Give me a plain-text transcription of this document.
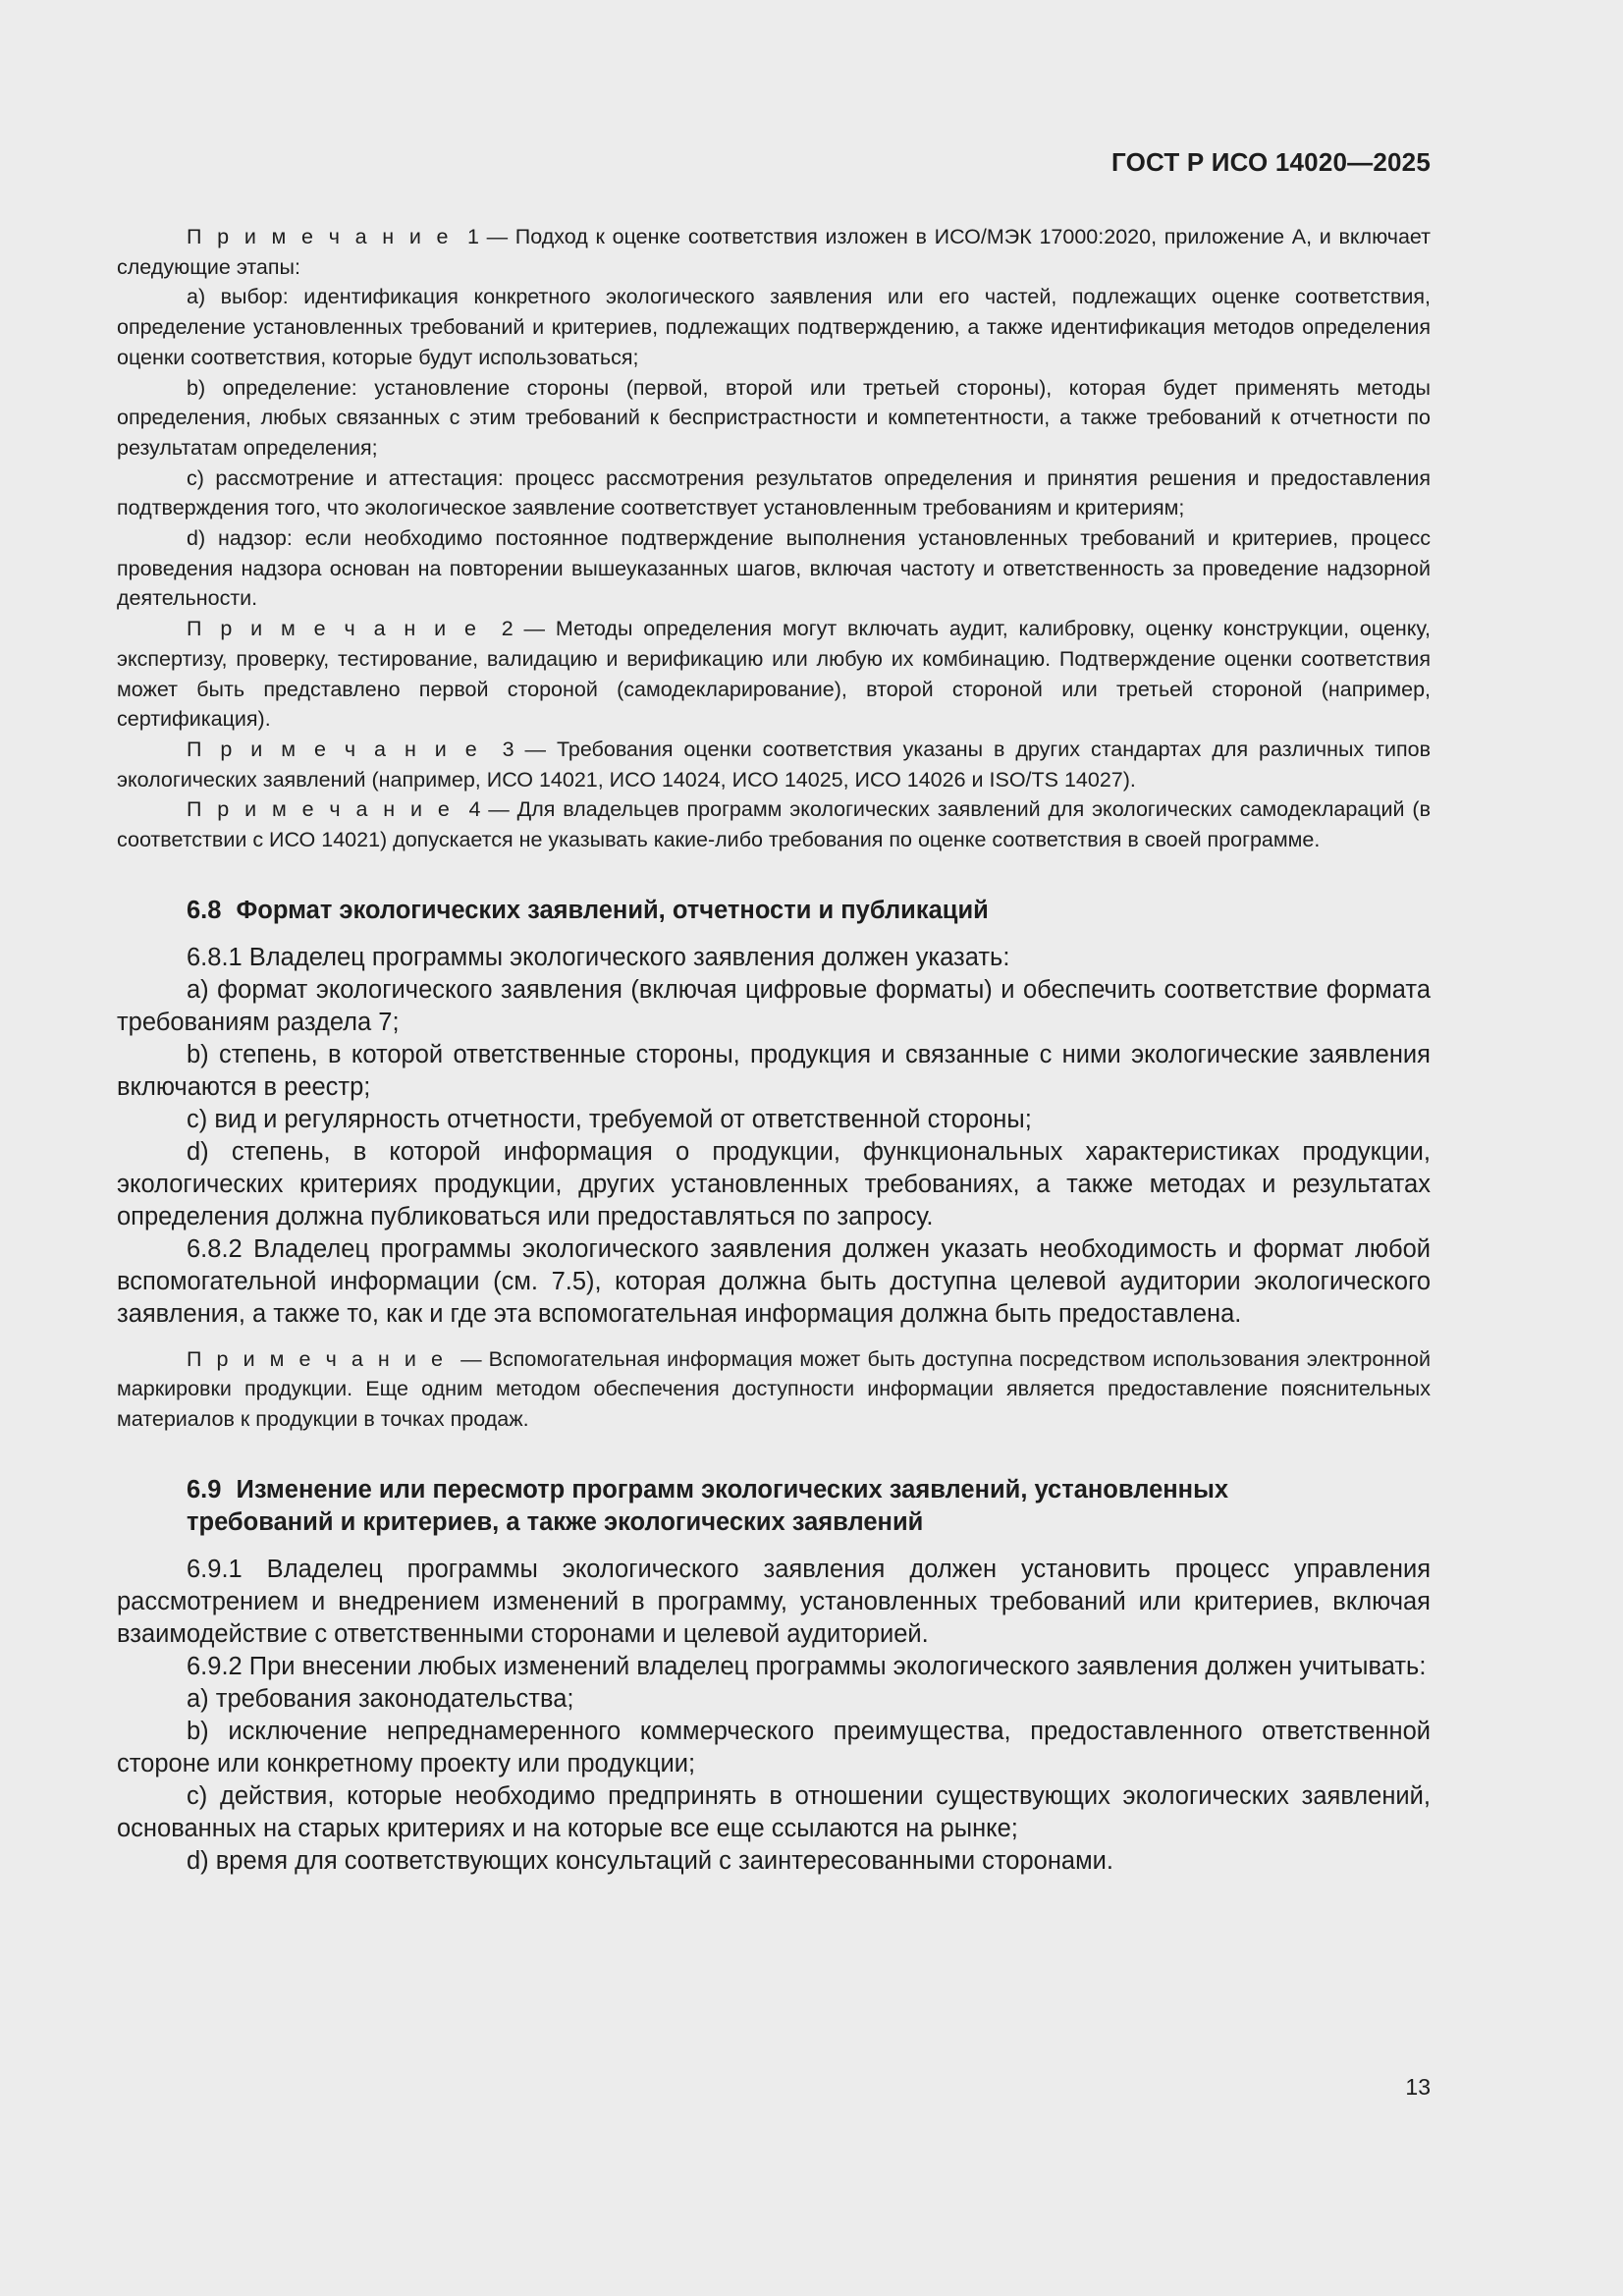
ГОСТ Р ИСО 14020—2025

П р и м е ч а н и е 1 — Подход к оценке соответствия изложен в ИСО/МЭК 17000:2020, приложение А, и включает следующие этапы:

a) выбор: идентификация конкретного экологического заявления или его частей, подлежащих оценке соответствия, определение установленных требований и критериев, подлежащих подтверждению, а также идентификация методов определения оценки соответствия, которые будут использоваться;

b) определение: установление стороны (первой, второй или третьей стороны), которая будет применять методы определения, любых связанных с этим требований к беспристрастности и компетентности, а также требований к отчетности по результатам определения;

c) рассмотрение и аттестация: процесс рассмотрения результатов определения и принятия решения и предоставления подтверждения того, что экологическое заявление соответствует установленным требованиям и критериям;

d) надзор: если необходимо постоянное подтверждение выполнения установленных требований и критериев, процесс проведения надзора основан на повторении вышеуказанных шагов, включая частоту и ответственность за проведение надзорной деятельности.

П р и м е ч а н и е 2 — Методы определения могут включать аудит, калибровку, оценку конструкции, оценку, экспертизу, проверку, тестирование, валидацию и верификацию или любую их комбинацию. Подтверждение оценки соответствия может быть представлено первой стороной (самодекларирование), второй стороной или третьей стороной (например, сертификация).

П р и м е ч а н и е 3 — Требования оценки соответствия указаны в других стандартах для различных типов экологических заявлений (например, ИСО 14021, ИСО 14024, ИСО 14025, ИСО 14026 и ISO/TS 14027).

П р и м е ч а н и е 4 — Для владельцев программ экологических заявлений для экологических самодеклараций (в соответствии с ИСО 14021) допускается не указывать какие-либо требования по оценке соответствия в своей программе.

6.8 Формат экологических заявлений, отчетности и публикаций

6.8.1 Владелец программы экологического заявления должен указать:

a) формат экологического заявления (включая цифровые форматы) и обеспечить соответствие формата требованиям раздела 7;

b) степень, в которой ответственные стороны, продукция и связанные с ними экологические заявления включаются в реестр;

c) вид и регулярность отчетности, требуемой от ответственной стороны;

d) степень, в которой информация о продукции, функциональных характеристиках продукции, экологических критериях продукции, других установленных требованиях, а также методах и результатах определения должна публиковаться или предоставляться по запросу.

6.8.2 Владелец программы экологического заявления должен указать необходимость и формат любой вспомогательной информации (см. 7.5), которая должна быть доступна целевой аудитории экологического заявления, а также то, как и где эта вспомогательная информация должна быть предоставлена.

П р и м е ч а н и е — Вспомогательная информация может быть доступна посредством использования электронной маркировки продукции. Еще одним методом обеспечения доступности информации является предоставление пояснительных материалов к продукции в точках продаж.

6.9 Изменение или пересмотр программ экологических заявлений, установленных
требований и критериев, а также экологических заявлений

6.9.1 Владелец программы экологического заявления должен установить процесс управления рассмотрением и внедрением изменений в программу, установленных требований или критериев, включая взаимодействие с ответственными сторонами и целевой аудиторией.

6.9.2 При внесении любых изменений владелец программы экологического заявления должен учитывать:

a) требования законодательства;

b) исключение непреднамеренного коммерческого преимущества, предоставленного ответственной стороне или конкретному проекту или продукции;

c) действия, которые необходимо предпринять в отношении существующих экологических заявлений, основанных на старых критериях и на которые все еще ссылаются на рынке;

d) время для соответствующих консультаций с заинтересованными сторонами.

13
